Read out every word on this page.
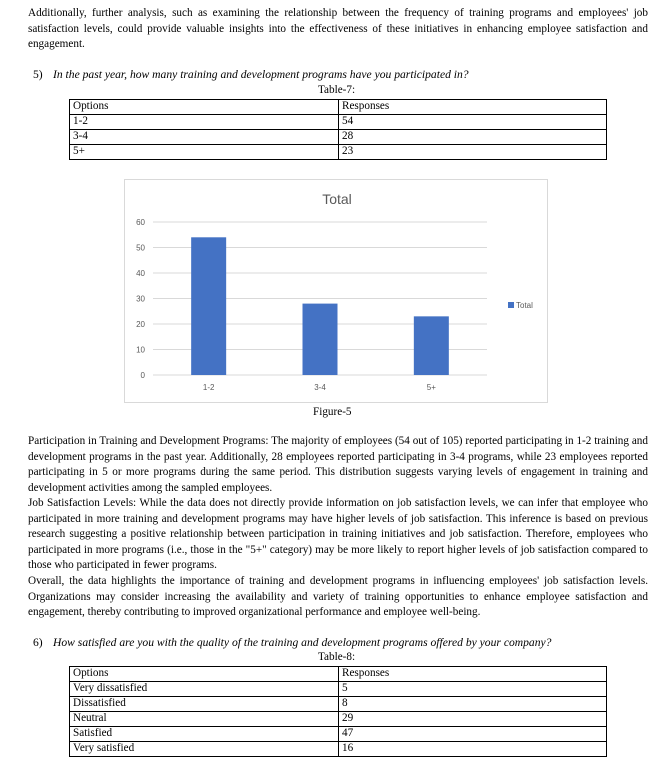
Additionally, further analysis, such as examining the relationship between the frequency of training programs and employees' job satisfaction levels, could provide valuable insights into the effectiveness of these initiatives in enhancing employee satisfaction and engagement.

5) In the past year, how many training and development programs have you participated in?

Table-7:
Options	Responses
1-2	54
3-4	28
5+	23
Total
0
10
20
30
40
50
60
1-2	3-4	5+
Total
Figure-5

Participation in Training and Development Programs: The majority of employees (54 out of 105) reported participating in 1-2 training and development programs in the past year. Additionally, 28 employees reported participating in 3-4 programs, while 23 employees reported participating in 5 or more programs during the same period. This distribution suggests varying levels of engagement in training and development activities among the sampled employees.

Job Satisfaction Levels: While the data does not directly provide information on job satisfaction levels, we can infer that employee who participated in more training and development programs may have higher levels of job satisfaction. This inference is based on previous research suggesting a positive relationship between participation in training initiatives and job satisfaction. Therefore, employees who participated in more programs (i.e., those in the "5+" category) may be more likely to report higher levels of job satisfaction compared to those who participated in fewer programs.

Overall, the data highlights the importance of training and development programs in influencing employees' job satisfaction levels. Organizations may consider increasing the availability and variety of training opportunities to enhance employee satisfaction and engagement, thereby contributing to improved organizational performance and employee well-being.

6) How satisfied are you with the quality of the training and development programs offered by your company?

Table-8:
Options	Responses
Very dissatisfied	5
Dissatisfied	8
Neutral	29
Satisfied	47
Very satisfied	16
